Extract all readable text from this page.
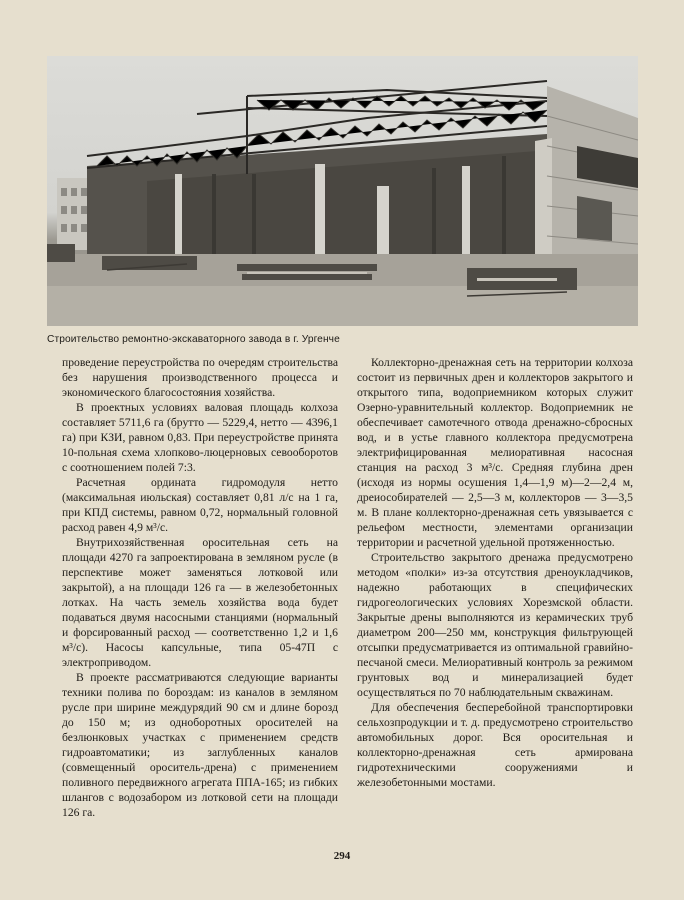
Строительство ремонтно-экскаваторного завода в г. Ургенче

проведение переустройства по очередям строительства без нарушения производственного процесса и экономического благосостояния хозяйства.

В проектных условиях валовая площадь колхоза составляет 5711,6 га (брутто — 5229,4, нетто — 4396,1 га) при КЗИ, равном 0,83. При переустройстве принята 10-польная схема хлопково-люцерновых севооборотов с соотношением полей 7:3.

Расчетная ордината гидромодуля нетто (максимальная июльская) составляет 0,81 л/с на 1 га, при КПД системы, равном 0,72, нормальный головной расход равен 4,9 м³/с.

Внутрихозяйственная оросительная сеть на площади 4270 га запроектирована в земляном русле (в перспективе может заменяться лотковой или закрытой), а на площади 126 га — в железобетонных лотках. На часть земель хозяйства вода будет подаваться двумя насосными станциями (нормальный и форсированный расход — соответственно 1,2 и 1,6 м³/с). Насосы капсульные, типа 05-47П с электроприводом.

В проекте рассматриваются следующие варианты техники полива по бороздам: из каналов в земляном русле при ширине междурядий 90 см и длине борозд до 150 м; из одноборотных оросителей на безлюнковых участках с применением средств гидроавтоматики; из заглубленных каналов (совмещенный ороситель-дрена) с применением поливного передвижного агрегата ППА-165; из гибких шлангов с водозабором из лотковой сети на площади 126 га.

Коллекторно-дренажная сеть на территории колхоза состоит из первичных дрен и коллекторов закрытого и открытого типа, водоприемником которых служит Озерно-уравнительный коллектор. Водоприемник не обеспечивает самотечного отвода дренажно-сбросных вод, и в устье главного коллектора предусмотрена электрифицированная мелиоративная насосная станция на расход 3 м³/с. Средняя глубина дрен (исходя из нормы осушения 1,4—1,9 м)—2—2,4 м, дреиособирателей — 2,5—3 м, коллекторов — 3—3,5 м. В плане коллекторно-дренажная сеть увязывается с рельефом местности, элементами организации территории и расчетной удельной протяженностью.

Строительство закрытого дренажа предусмотрено методом «полки» из-за отсутствия дреноукладчиков, надежно работающих в специфических гидрогеологических условиях Хорезмской области. Закрытые дрены выполняются из керамических труб диаметром 200—250 мм, конструкция фильтрующей отсыпки предусматривается из оптимальной гравийно-песчаной смеси. Мелиоративный контроль за режимом грунтовых вод и минерализацией будет осуществляться по 70 наблюдательным скважинам.

Для обеспечения бесперебойной транспортировки сельхозпродукции и т. д. предусмотрено строительство автомобильных дорог. Вся оросительная и коллекторно-дренажная сеть армирована гидротехническими сооружениями и железобетонными мостами.

294
